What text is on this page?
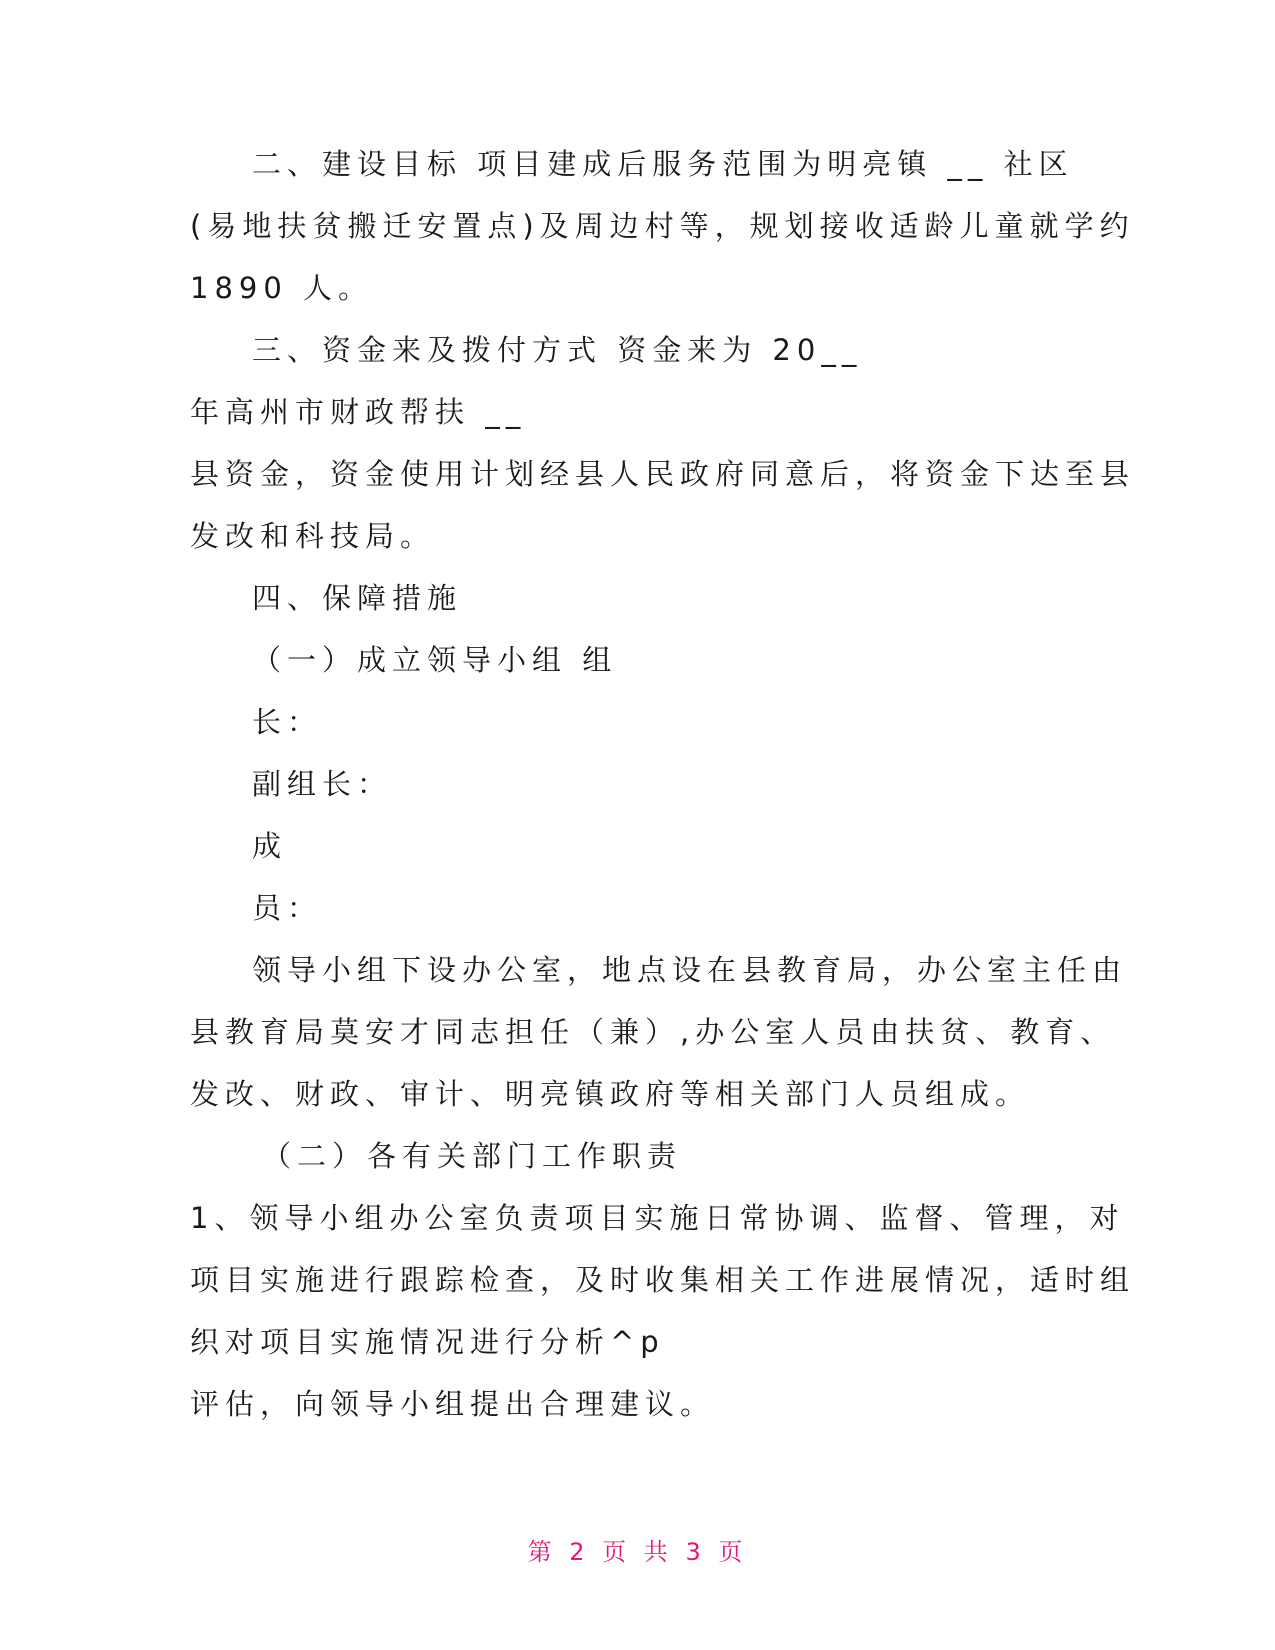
二、建设目标 项目建成后服务范围为明亮镇 __ 社区
(易地扶贫搬迁安置点)及周边村等，规划接收适龄儿童就学约
1890 人。
三、资金来及拨付方式 资金来为 20__
年高州市财政帮扶 __
县资金，资金使用计划经县人民政府同意后，将资金下达至县
发改和科技局。
四、保障措施
（一）成立领导小组 组
长：
副组长：
成
员：
领导小组下设办公室，地点设在县教育局，办公室主任由
县教育局莫安才同志担任（兼）,办公室人员由扶贫、教育、
发改、财政、审计、明亮镇政府等相关部门人员组成。
（二）各有关部门工作职责
1、领导小组办公室负责项目实施日常协调、监督、管理，对
项目实施进行跟踪检查，及时收集相关工作进展情况，适时组
织对项目实施情况进行分析^p
评估，向领导小组提出合理建议。
第 2 页 共 3 页
